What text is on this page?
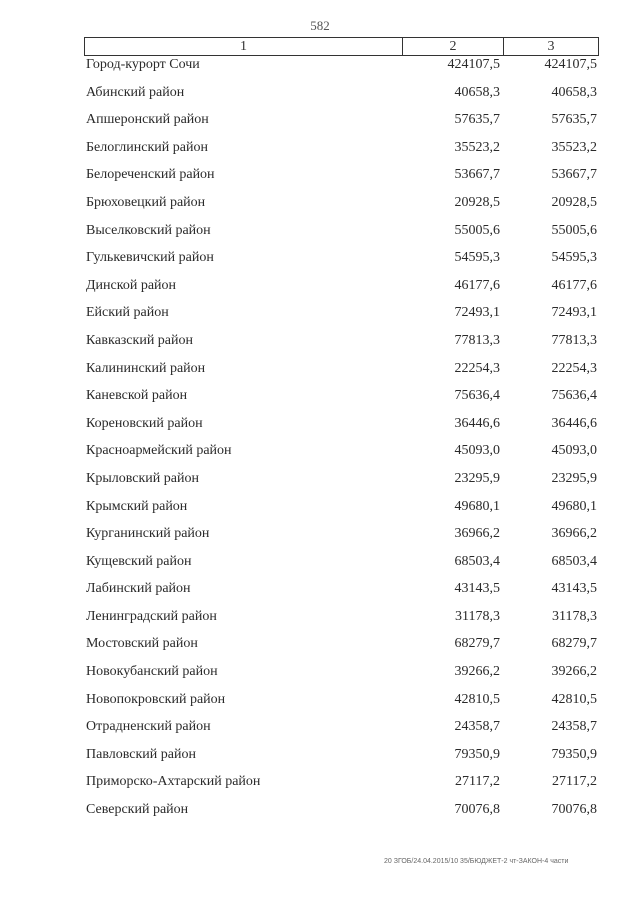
582
1	2	3
Город-курорт Сочи	424107,5	424107,5
Абинский район	40658,3	40658,3
Апшеронский район	57635,7	57635,7
Белоглинский район	35523,2	35523,2
Белореченский район	53667,7	53667,7
Брюховецкий район	20928,5	20928,5
Выселковский район	55005,6	55005,6
Гулькевичский район	54595,3	54595,3
Динской район	46177,6	46177,6
Ейский район	72493,1	72493,1
Кавказский район	77813,3	77813,3
Калининский район	22254,3	22254,3
Каневской район	75636,4	75636,4
Кореновский район	36446,6	36446,6
Красноармейский район	45093,0	45093,0
Крыловский район	23295,9	23295,9
Крымский район	49680,1	49680,1
Курганинский район	36966,2	36966,2
Кущевский район	68503,4	68503,4
Лабинский район	43143,5	43143,5
Ленинградский район	31178,3	31178,3
Мостовский район	68279,7	68279,7
Новокубанский район	39266,2	39266,2
Новопокровский район	42810,5	42810,5
Отрадненский район	24358,7	24358,7
Павловский район	79350,9	79350,9
Приморско-Ахтарский район	27117,2	27117,2
Северский район	70076,8	70076,8
20 ЗГОБ/24.04.2015/10 35/БЮДЖЕТ-2 чт-ЗАКОН-4 части
